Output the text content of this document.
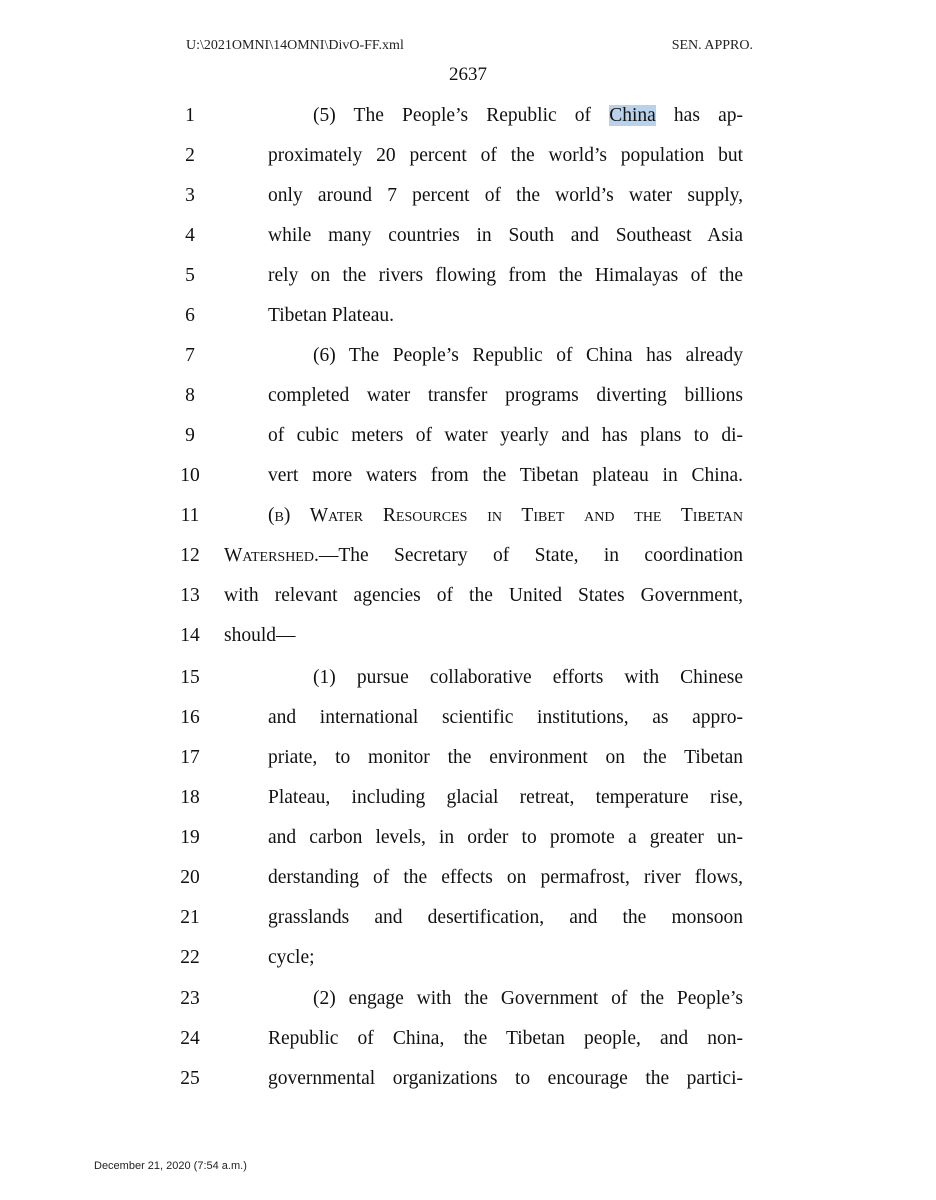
U:\2021OMNI\14OMNI\DivO-FF.xml	SEN. APPRO.
2637
1	(5) The People’s Republic of China has ap-
2	proximately 20 percent of the world’s population but
3	only around 7 percent of the world’s water supply,
4	while many countries in South and Southeast Asia
5	rely on the rivers flowing from the Himalayas of the
6	Tibetan Plateau.
7	(6) The People’s Republic of China has already
8	completed water transfer programs diverting billions
9	of cubic meters of water yearly and has plans to di-
10	vert more waters from the Tibetan plateau in China.
11	(b) Water Resources in Tibet and the Tibetan
12	Watershed.—The Secretary of State, in coordination
13	with relevant agencies of the United States Government,
14	should—
15	(1) pursue collaborative efforts with Chinese
16	and international scientific institutions, as appro-
17	priate, to monitor the environment on the Tibetan
18	Plateau, including glacial retreat, temperature rise,
19	and carbon levels, in order to promote a greater un-
20	derstanding of the effects on permafrost, river flows,
21	grasslands and desertification, and the monsoon
22	cycle;
23	(2) engage with the Government of the People’s
24	Republic of China, the Tibetan people, and non-
25	governmental organizations to encourage the partici-
December 21, 2020 (7:54 a.m.)
